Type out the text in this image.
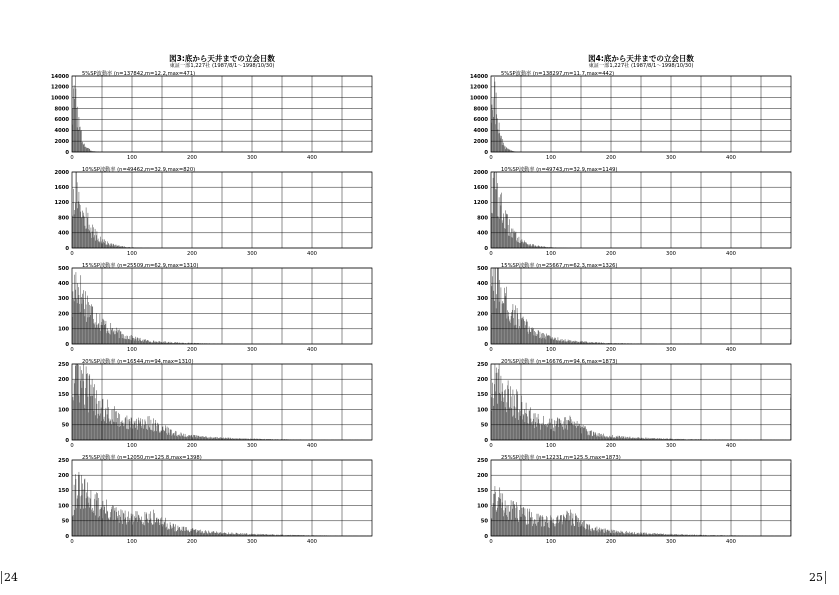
図3:底から天井までの立会日数
東証一部1,227社 (1987/8/1〜1998/10/30)
5%SP波動率 (n=137842,m=12.2,max=471)
0
2000
4000
6000
8000
10000
12000
14000
0	100	200	300	400
10%SP波動率 (n=49462,m=32.9,max=820)
0
400
800
1200
1600
2000
0	100	200	300	400
15%SP波動率 (n=25509,m=62.9,max=1310)
0
100
200
300
400
500
0	100	200	300	400
20%SP波動率 (n=16544,m=94,max=1310)
0
50
100
150
200
250
0	100	200	300	400
25%SP波動率 (n=12050,m=125.8,max=1398)
0
50
100
150
200
250
0	100	200	300	400
図4:底から天井までの立会日数
東証一部1,227社 (1987/8/1〜1998/10/30)
5%SP波動率 (n=138297,m=11.7,max=442)
0
2000
4000
6000
8000
10000
12000
14000
0	100	200	300	400
10%SP波動率 (n=49743,m=32.9,max=1149)
0
400
800
1200
1600
2000
0	100	200	300	400
15%SP波動率 (n=25667,m=62.3,max=1326)
0
100
200
300
400
500
0	100	200	300	400
20%SP波動率 (n=16676,m=94.6,max=1873)
0
50
100
150
200
250
0	100	200	300	400
25%SP波動率 (n=12231,m=125.5,max=1873)
0
50
100
150
200
250
0	100	200	300	400
24	25
